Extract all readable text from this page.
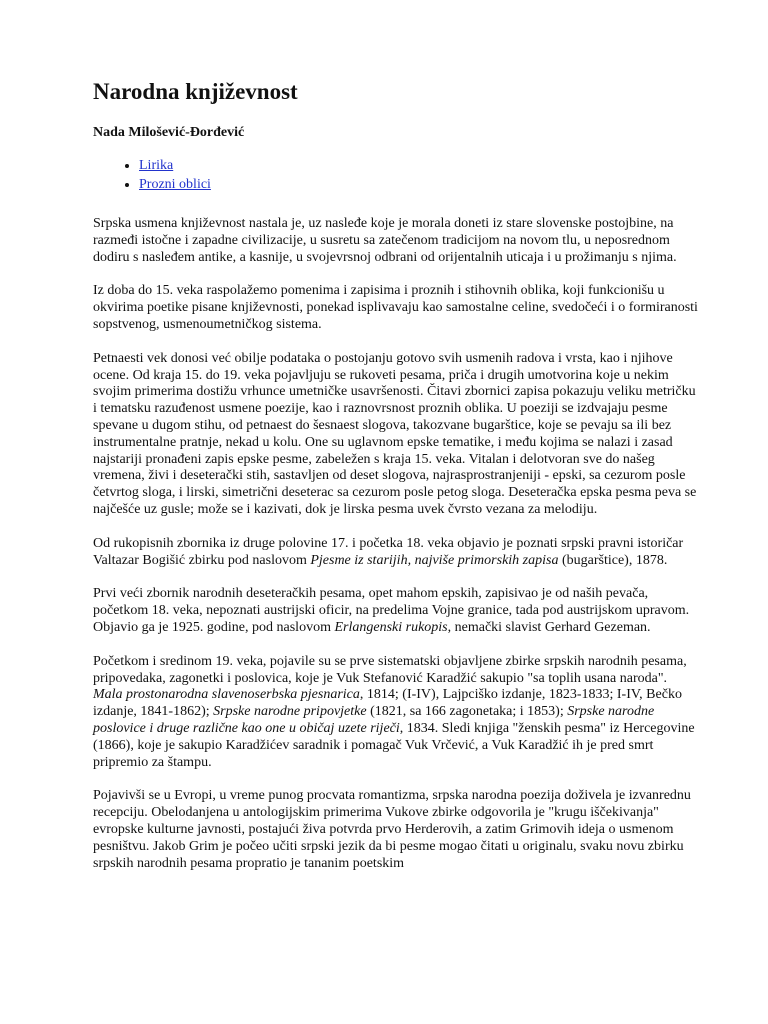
Narodna književnost
Nada Milošević-Đorđević
• Lirika
• Prozni oblici

Srpska usmena književnost nastala je, uz nasleđe koje je morala doneti iz stare slovenske postojbine, na razmeđi istočne i zapadne civilizacije, u susretu sa zatečenom tradicijom na novom tlu, u neposrednom dodiru s nasleđem antike, a kasnije, u svojevrsnoj odbrani od orijentalnih uticaja i u prožimanju s njima.

Iz doba do 15. veka raspolažemo pomenima i zapisima i proznih i stihovnih oblika, koji funkcionišu u okvirima poetike pisane književnosti, ponekad isplivavaju kao samostalne celine, svedočeći i o formiranosti sopstvenog, usmenoumetničkog sistema.

Petnaesti vek donosi već obilje podataka o postojanju gotovo svih usmenih radova i vrsta, kao i njihove ocene. Od kraja 15. do 19. veka pojavljuju se rukoveti pesama, priča i drugih umotvorina koje u nekim svojim primerima dostižu vrhunce umetničke usavršenosti. Čitavi zbornici zapisa pokazuju veliku metričku i tematsku razuđenost usmene poezije, kao i raznovrsnost proznih oblika. U poeziji se izdvajaju pesme spevane u dugom stihu, od petnaest do šesnaest slogova, takozvane bugarštice, koje se pevaju sa ili bez instrumentalne pratnje, nekad u kolu. One su uglavnom epske tematike, i među kojima se nalazi i zasad najstariji pronađeni zapis epske pesme, zabeležen s kraja 15. veka. Vitalan i delotvoran sve do našeg vremena, živi i deseterački stih, sastavljen od deset slogova, najrasprostranjeniji - epski, sa cezurom posle četvrtog sloga, i lirski, simetrični deseterac sa cezurom posle petog sloga. Deseteračka epska pesma peva se najčešće uz gusle; može se i kazivati, dok je lirska pesma uvek čvrsto vezana za melodiju.

Od rukopisnih zbornika iz druge polovine 17. i početka 18. veka objavio je poznati srpski pravni istoričar Valtazar Bogišić zbirku pod naslovom Pjesme iz starijih, najviše primorskih zapisa (bugarštice), 1878.

Prvi veći zbornik narodnih deseteračkih pesama, opet mahom epskih, zapisivao je od naših pevača, početkom 18. veka, nepoznati austrijski oficir, na predelima Vojne granice, tada pod austrijskom upravom. Objavio ga je 1925. godine, pod naslovom Erlangenski rukopis, nemački slavist Gerhard Gezeman.

Početkom i sredinom 19. veka, pojavile su se prve sistematski objavljene zbirke srpskih narodnih pesama, pripovedaka, zagonetki i poslovica, koje je Vuk Stefanović Karadžić sakupio "sa toplih usana naroda". Mala prostonarodna slavenoserbska pjesnarica, 1814; (I-IV), Lajpciško izdanje, 1823-1833; I-IV, Bečko izdanje, 1841-1862); Srpske narodne pripovjetke (1821, sa 166 zagonetaka; i 1853); Srpske narodne poslovice i druge različne kao one u običaj uzete riječi, 1834. Sledi knjiga "ženskih pesma" iz Hercegovine (1866), koje je sakupio Karadžićev saradnik i pomagač Vuk Vrčević, a Vuk Karadžić ih je pred smrt pripremio za štampu.

Pojavivši se u Evropi, u vreme punog procvata romantizma, srpska narodna poezija doživela je izvanrednu recepciju. Obelodanjena u antologijskim primerima Vukove zbirke odgovorila je "krugu iščekivanja" evropske kulturne javnosti, postajući živa potvrda prvo Herderovih, a zatim Grimovih ideja o usmenom pesništvu. Jakob Grim je počeo učiti srpski jezik da bi pesme mogao čitati u originalu, svaku novu zbirku srpskih narodnih pesama propratio je tananim poetskim
